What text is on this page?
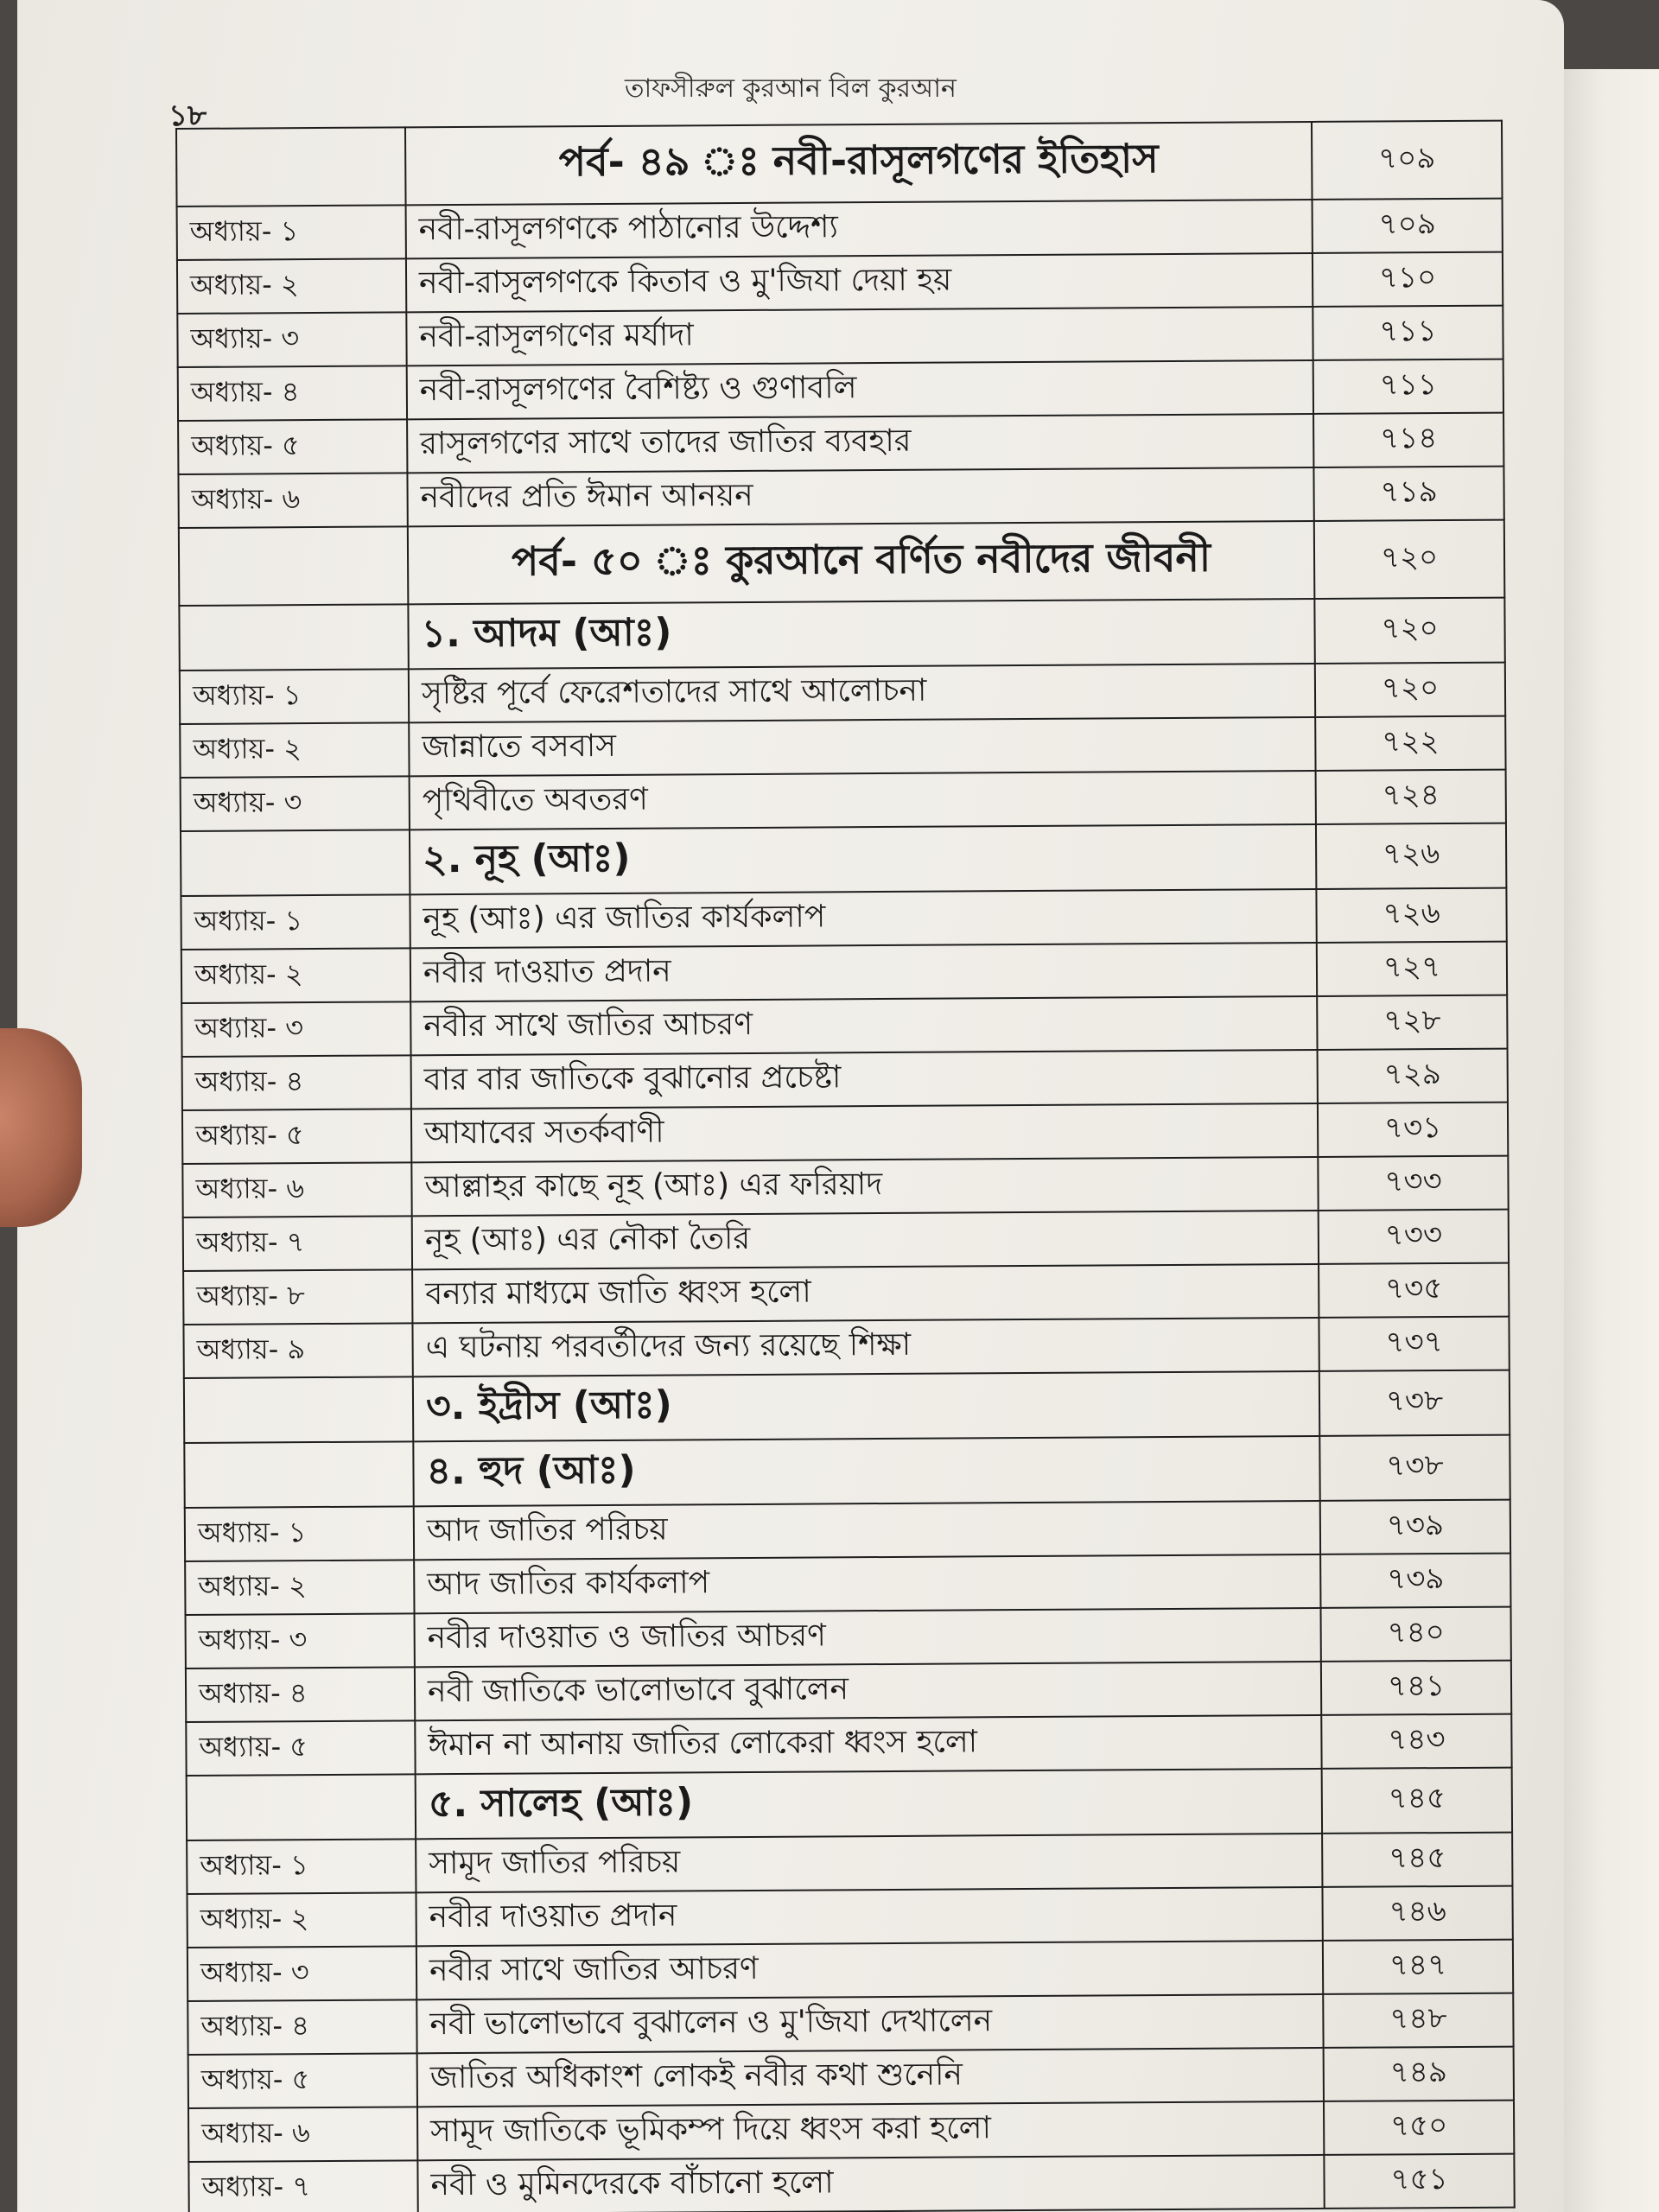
তাফসীরুল কুরআন বিল কুরআন
১৮
	পর্ব- ৪৯ ঃ নবী-রাসূলগণের ইতিহাস	৭০৯
অধ্যায়- ১	নবী-রাসূলগণকে পাঠানোর উদ্দেশ্য	৭০৯
অধ্যায়- ২	নবী-রাসূলগণকে কিতাব ও মু'জিযা দেয়া হয়	৭১০
অধ্যায়- ৩	নবী-রাসূলগণের মর্যাদা	৭১১
অধ্যায়- ৪	নবী-রাসূলগণের বৈশিষ্ট্য ও গুণাবলি	৭১১
অধ্যায়- ৫	রাসূলগণের সাথে তাদের জাতির ব্যবহার	৭১৪
অধ্যায়- ৬	নবীদের প্রতি ঈমান আনয়ন	৭১৯
	পর্ব- ৫০ ঃ কুরআনে বর্ণিত নবীদের জীবনী	৭২০
	১. আদম (আঃ)	৭২০
অধ্যায়- ১	সৃষ্টির পূর্বে ফেরেশতাদের সাথে আলোচনা	৭২০
অধ্যায়- ২	জান্নাতে বসবাস	৭২২
অধ্যায়- ৩	পৃথিবীতে অবতরণ	৭২৪
	২. নূহ (আঃ)	৭২৬
অধ্যায়- ১	নূহ (আঃ) এর জাতির কার্যকলাপ	৭২৬
অধ্যায়- ২	নবীর দাওয়াত প্রদান	৭২৭
অধ্যায়- ৩	নবীর সাথে জাতির আচরণ	৭২৮
অধ্যায়- ৪	বার বার জাতিকে বুঝানোর প্রচেষ্টা	৭২৯
অধ্যায়- ৫	আযাবের সতর্কবাণী	৭৩১
অধ্যায়- ৬	আল্লাহর কাছে নূহ (আঃ) এর ফরিয়াদ	৭৩৩
অধ্যায়- ৭	নূহ (আঃ) এর নৌকা তৈরি	৭৩৩
অধ্যায়- ৮	বন্যার মাধ্যমে জাতি ধ্বংস হলো	৭৩৫
অধ্যায়- ৯	এ ঘটনায় পরবর্তীদের জন্য রয়েছে শিক্ষা	৭৩৭
	৩. ইদ্রীস (আঃ)	৭৩৮
	৪. হুদ (আঃ)	৭৩৮
অধ্যায়- ১	আদ জাতির পরিচয়	৭৩৯
অধ্যায়- ২	আদ জাতির কার্যকলাপ	৭৩৯
অধ্যায়- ৩	নবীর দাওয়াত ও জাতির আচরণ	৭৪০
অধ্যায়- ৪	নবী জাতিকে ভালোভাবে বুঝালেন	৭৪১
অধ্যায়- ৫	ঈমান না আনায় জাতির লোকেরা ধ্বংস হলো	৭৪৩
	৫. সালেহ (আঃ)	৭৪৫
অধ্যায়- ১	সামূদ জাতির পরিচয়	৭৪৫
অধ্যায়- ২	নবীর দাওয়াত প্রদান	৭৪৬
অধ্যায়- ৩	নবীর সাথে জাতির আচরণ	৭৪৭
অধ্যায়- ৪	নবী ভালোভাবে বুঝালেন ও মু'জিযা দেখালেন	৭৪৮
অধ্যায়- ৫	জাতির অধিকাংশ লোকই নবীর কথা শুনেনি	৭৪৯
অধ্যায়- ৬	সামূদ জাতিকে ভূমিকম্প দিয়ে ধ্বংস করা হলো	৭৫০
অধ্যায়- ৭	নবী ও মুমিনদেরকে বাঁচানো হলো	৭৫১
